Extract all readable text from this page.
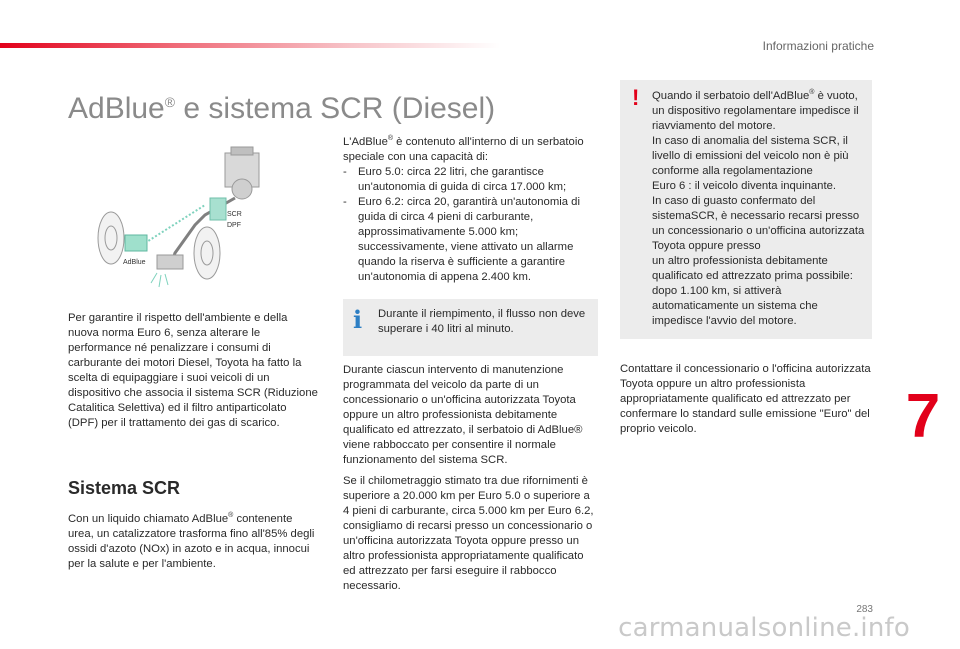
Informazioni pratiche
AdBlue® e sistema SCR (Diesel)
SCR
DPF
AdBlue

Per garantire il rispetto dell'ambiente e della nuova norma Euro 6, senza alterare le performance né penalizzare i consumi di carburante dei motori Diesel, Toyota ha fatto la scelta di equipaggiare i suoi veicoli di un dispositivo che associa il sistema SCR (Riduzione Catalitica Selettiva) ed il filtro antiparticolato (DPF) per il trattamento dei gas di scarico.

Sistema SCR

Con un liquido chiamato AdBlue® contenente urea, un catalizzatore trasforma fino all'85% degli ossidi d'azoto (NOx) in azoto e in acqua, innocui per la salute e per l'ambiente.

L'AdBlue® è contenuto all'interno di un serbatoio speciale con una capacità di:

- Euro 5.0: circa 22 litri, che garantisce un'autonomia di guida di circa 17.000 km;
- Euro 6.2: circa 20, garantirà un'autonomia di guida di circa 4 pieni di carburante, approssimativamente 5.000 km; successivamente, viene attivato un allarme quando la riserva è sufficiente a garantire un'autonomia di appena 2.400 km.
i	Durante il riempimento, il flusso non deve superare i 40 litri al minuto.

Durante ciascun intervento di manutenzione programmata del veicolo da parte di un concessionario o un'officina autorizzata Toyota oppure un altro professionista debitamente qualificato ed attrezzato, il serbatoio di AdBlue® viene rabboccato per consentire il normale funzionamento del sistema SCR.

Se il chilometraggio stimato tra due rifornimenti è superiore a 20.000 km per Euro 5.0 o superiore a 4 pieni di carburante, circa 5.000 km per Euro 6.2, consigliamo di recarsi presso un concessionario o un'officina autorizzata Toyota oppure presso un altro professionista appropriatamente qualificato ed attrezzato per farsi eseguire il rabbocco necessario.

! Quando il serbatoio dell'AdBlue® è vuoto, un dispositivo regolamentare impedisce il riavviamento del motore.
In caso di anomalia del sistema SCR, il livello di emissioni del veicolo non è più conforme alla regolamentazione
Euro 6 : il veicolo diventa inquinante.
In caso di guasto confermato del sistemaSCR, è necessario recarsi presso un concessionario o un'officina autorizzata Toyota oppure presso
un altro professionista debitamente qualificato ed attrezzato prima possibile: dopo 1.100 km, si attiverà automaticamente un sistema che impedisce l'avvio del motore.
Contattare il concessionario o l'officina autorizzata Toyota oppure un altro professionista appropriatamente qualificato ed attrezzato per confermare lo standard sulle emissione "Euro" del proprio veicolo.	7
283
carmanualsonline.info
